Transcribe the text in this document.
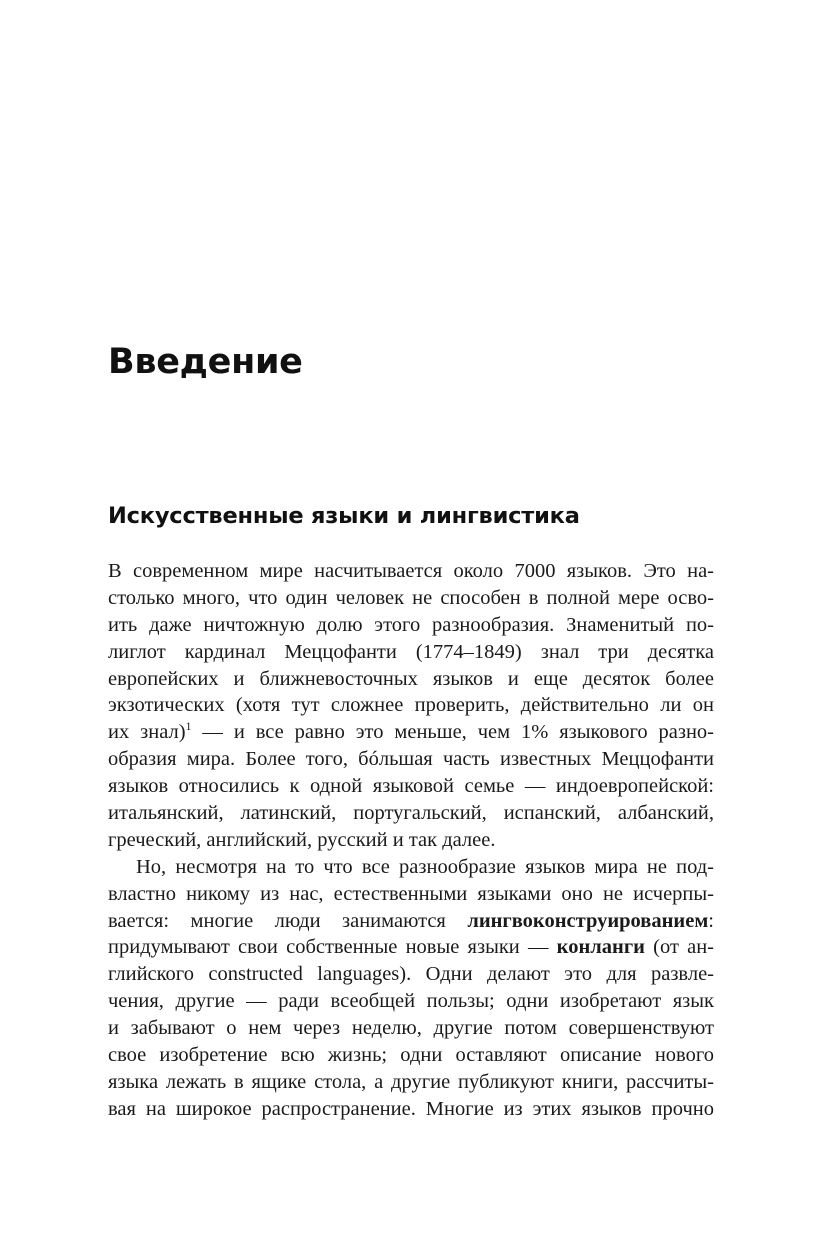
Введение
Искусственные языки и лингвистика
В современном мире насчитывается около 7000 языков. Это на-
столько много, что один человек не способен в полной мере осво-
ить даже ничтожную долю этого разнообразия. Знаменитый по-
лиглот кардинал Меццофанти (1774–1849) знал три десятка
европейских и ближневосточных языков и еще десяток более
экзотических (хотя тут сложнее проверить, действительно ли он
их знал)$^1$ — и все равно это меньше, чем 1% языкового разно-
образия мира. Более того, бóльшая часть известных Меццофанти
языков относились к одной языковой семье — индоевропейской:
итальянский, латинский, португальский, испанский, албанский,
греческий, английский, русский и так далее.
Но, несмотря на то что все разнообразие языков мира не под-
властно никому из нас, естественными языками оно не исчерпы-
вается: многие люди занимаются лингвоконструированием:
придумывают свои собственные новые языки — конланги (от ан-
глийского constructed languages). Одни делают это для развле-
чения, другие — ради всеобщей пользы; одни изобретают язык
и забывают о нем через неделю, другие потом совершенствуют
свое изобретение всю жизнь; одни оставляют описание нового
языка лежать в ящике стола, а другие публикуют книги, рассчиты-
вая на широкое распространение. Многие из этих языков прочно
